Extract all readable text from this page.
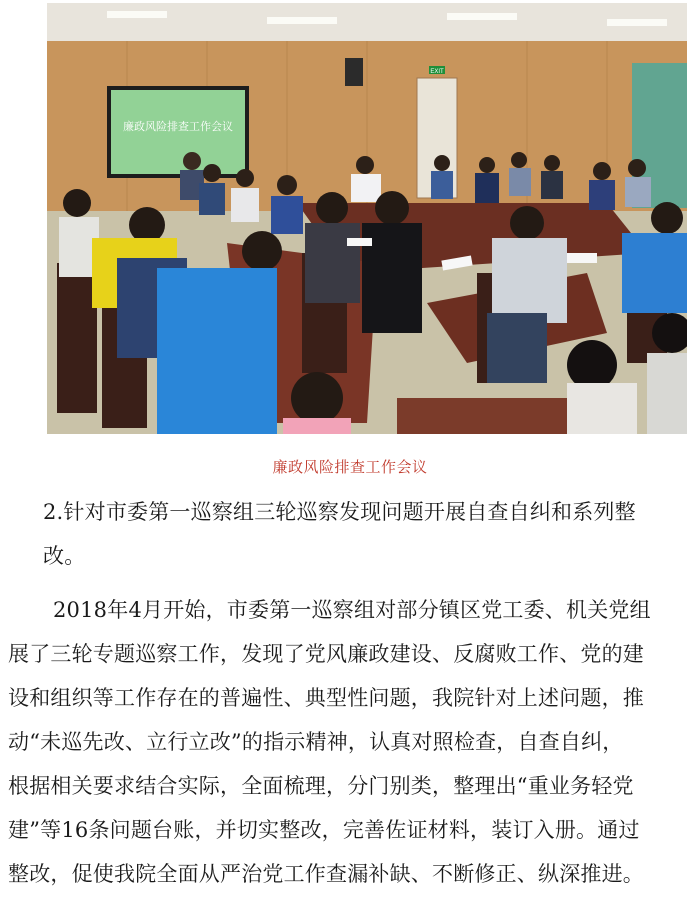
EXIT
廉政风险排查工作会议
廉政风险排查工作会议
2.针对市委第一巡察组三轮巡察发现问题开展自查自纠和系列整
改。
2018年4月开始，市委第一巡察组对部分镇区党工委、机关党组
展了三轮专题巡察工作，发现了党风廉政建设、反腐败工作、党的建
设和组织等工作存在的普遍性、典型性问题，我院针对上述问题，推
动“未巡先改、立行立改”的指示精神，认真对照检查，自查自纠，
根据相关要求结合实际，全面梳理，分门别类，整理出“重业务轻党
建”等16条问题台账，并切实整改，完善佐证材料，装订入册。通过
整改，促使我院全面从严治党工作查漏补缺、不断修正、纵深推进。
